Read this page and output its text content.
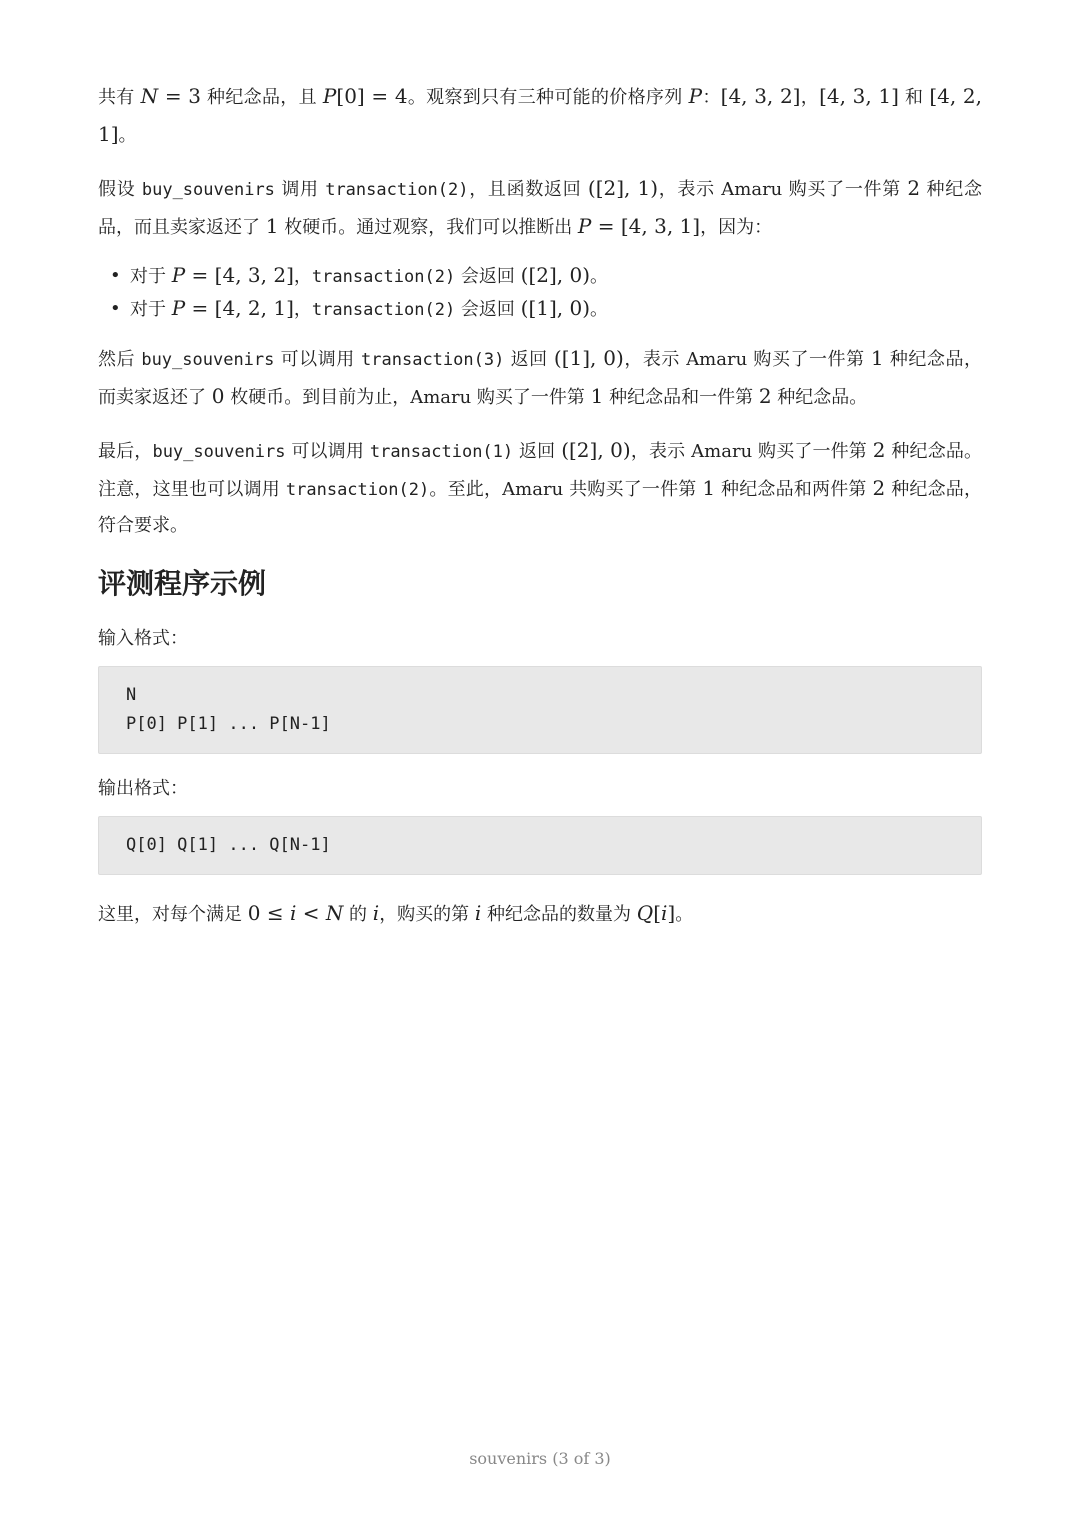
共有 N = 3 种纪念品，且 P[0] = 4。观察到只有三种可能的价格序列 P：[4, 3, 2]，[4, 3, 1] 和 [4, 2, 1]。

假设 buy_souvenirs 调用 transaction(2)，且函数返回 ([2], 1)，表示 Amaru 购买了一件第 2 种纪念品，而且卖家返还了 1 枚硬币。通过观察，我们可以推断出 P = [4, 3, 1]，因为：

• 对于 P = [4, 3, 2]，transaction(2) 会返回 ([2], 0)。
• 对于 P = [4, 2, 1]，transaction(2) 会返回 ([1], 0)。

然后 buy_souvenirs 可以调用 transaction(3) 返回 ([1], 0)，表示 Amaru 购买了一件第 1 种纪念品，而卖家返还了 0 枚硬币。到目前为止，Amaru 购买了一件第 1 种纪念品和一件第 2 种纪念品。

最后，buy_souvenirs 可以调用 transaction(1) 返回 ([2], 0)，表示 Amaru 购买了一件第 2 种纪念品。注意，这里也可以调用 transaction(2)。至此，Amaru 共购买了一件第 1 种纪念品和两件第 2 种纪念品，符合要求。

评测程序示例
输入格式：
N
P[0] P[1] ... P[N-1]
输出格式：
Q[0] Q[1] ... Q[N-1]

这里，对每个满足 0 ≤ i < N 的 i，购买的第 i 种纪念品的数量为 Q[i]。

souvenirs (3 of 3)
